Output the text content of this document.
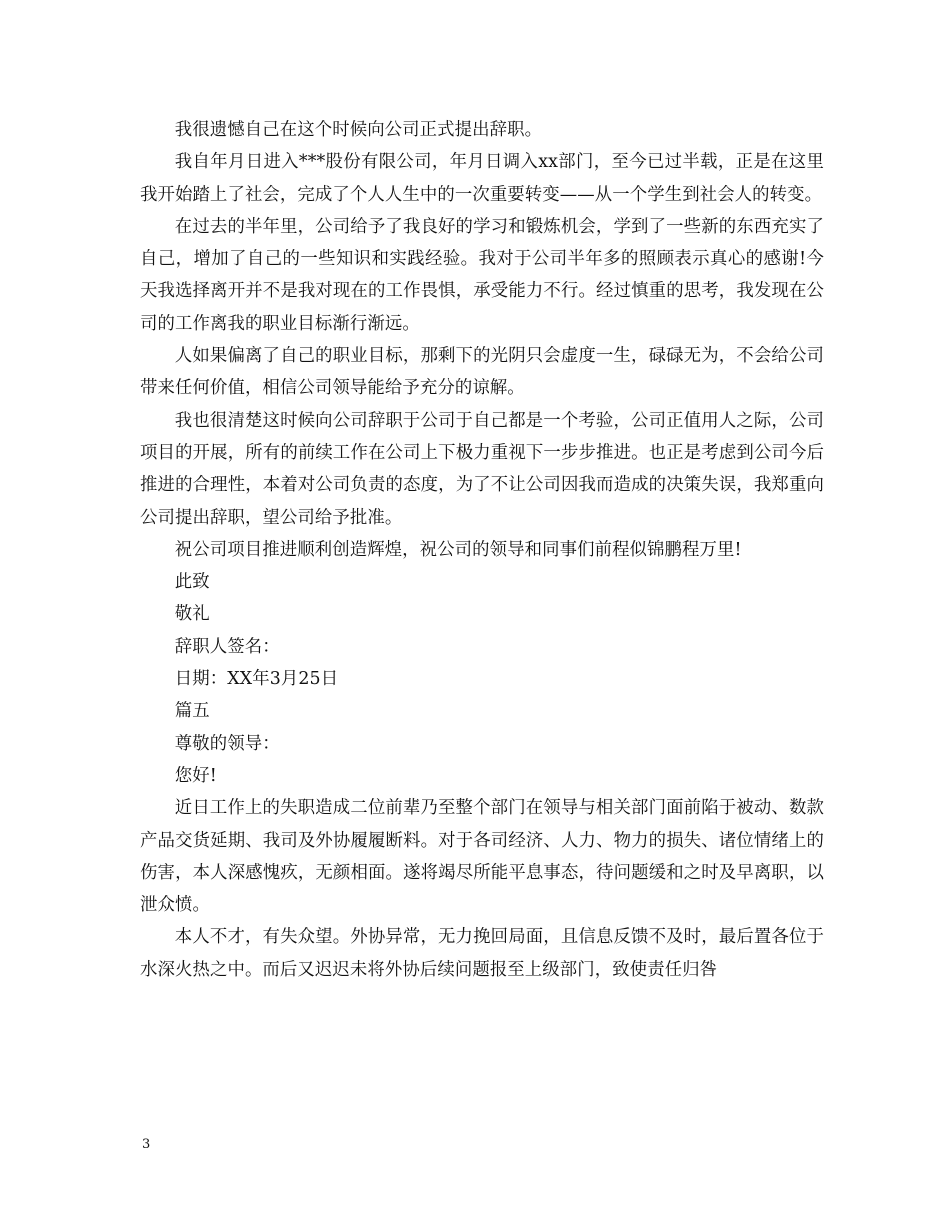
我很遗憾自己在这个时候向公司正式提出辞职。

我自年月日进入***股份有限公司，年月日调入xx部门，至今已过半载，正是在这里我开始踏上了社会，完成了个人人生中的一次重要转变——从一个学生到社会人的转变。

在过去的半年里，公司给予了我良好的学习和锻炼机会，学到了一些新的东西充实了自己，增加了自己的一些知识和实践经验。我对于公司半年多的照顾表示真心的感谢!今天我选择离开并不是我对现在的工作畏惧，承受能力不行。经过慎重的思考，我发现在公司的工作离我的职业目标渐行渐远。

人如果偏离了自己的职业目标，那剩下的光阴只会虚度一生，碌碌无为，不会给公司带来任何价值，相信公司领导能给予充分的谅解。

我也很清楚这时候向公司辞职于公司于自己都是一个考验，公司正值用人之际，公司项目的开展，所有的前续工作在公司上下极力重视下一步步推进。也正是考虑到公司今后推进的合理性，本着对公司负责的态度，为了不让公司因我而造成的决策失误，我郑重向公司提出辞职，望公司给予批准。

祝公司项目推进顺利创造辉煌，祝公司的领导和同事们前程似锦鹏程万里!

此致

敬礼

辞职人签名：

日期：XX年3月25日

篇五

尊敬的领导：

您好!

近日工作上的失职造成二位前辈乃至整个部门在领导与相关部门面前陷于被动、数款产品交货延期、我司及外协履履断料。对于各司经济、人力、物力的损失、诸位情绪上的伤害，本人深感愧疚，无颜相面。遂将竭尽所能平息事态，待问题缓和之时及早离职，以泄众愤。

本人不才，有失众望。外协异常，无力挽回局面，且信息反馈不及时，最后置各位于水深火热之中。而后又迟迟未将外协后续问题报至上级部门，致使责任归咎

3
